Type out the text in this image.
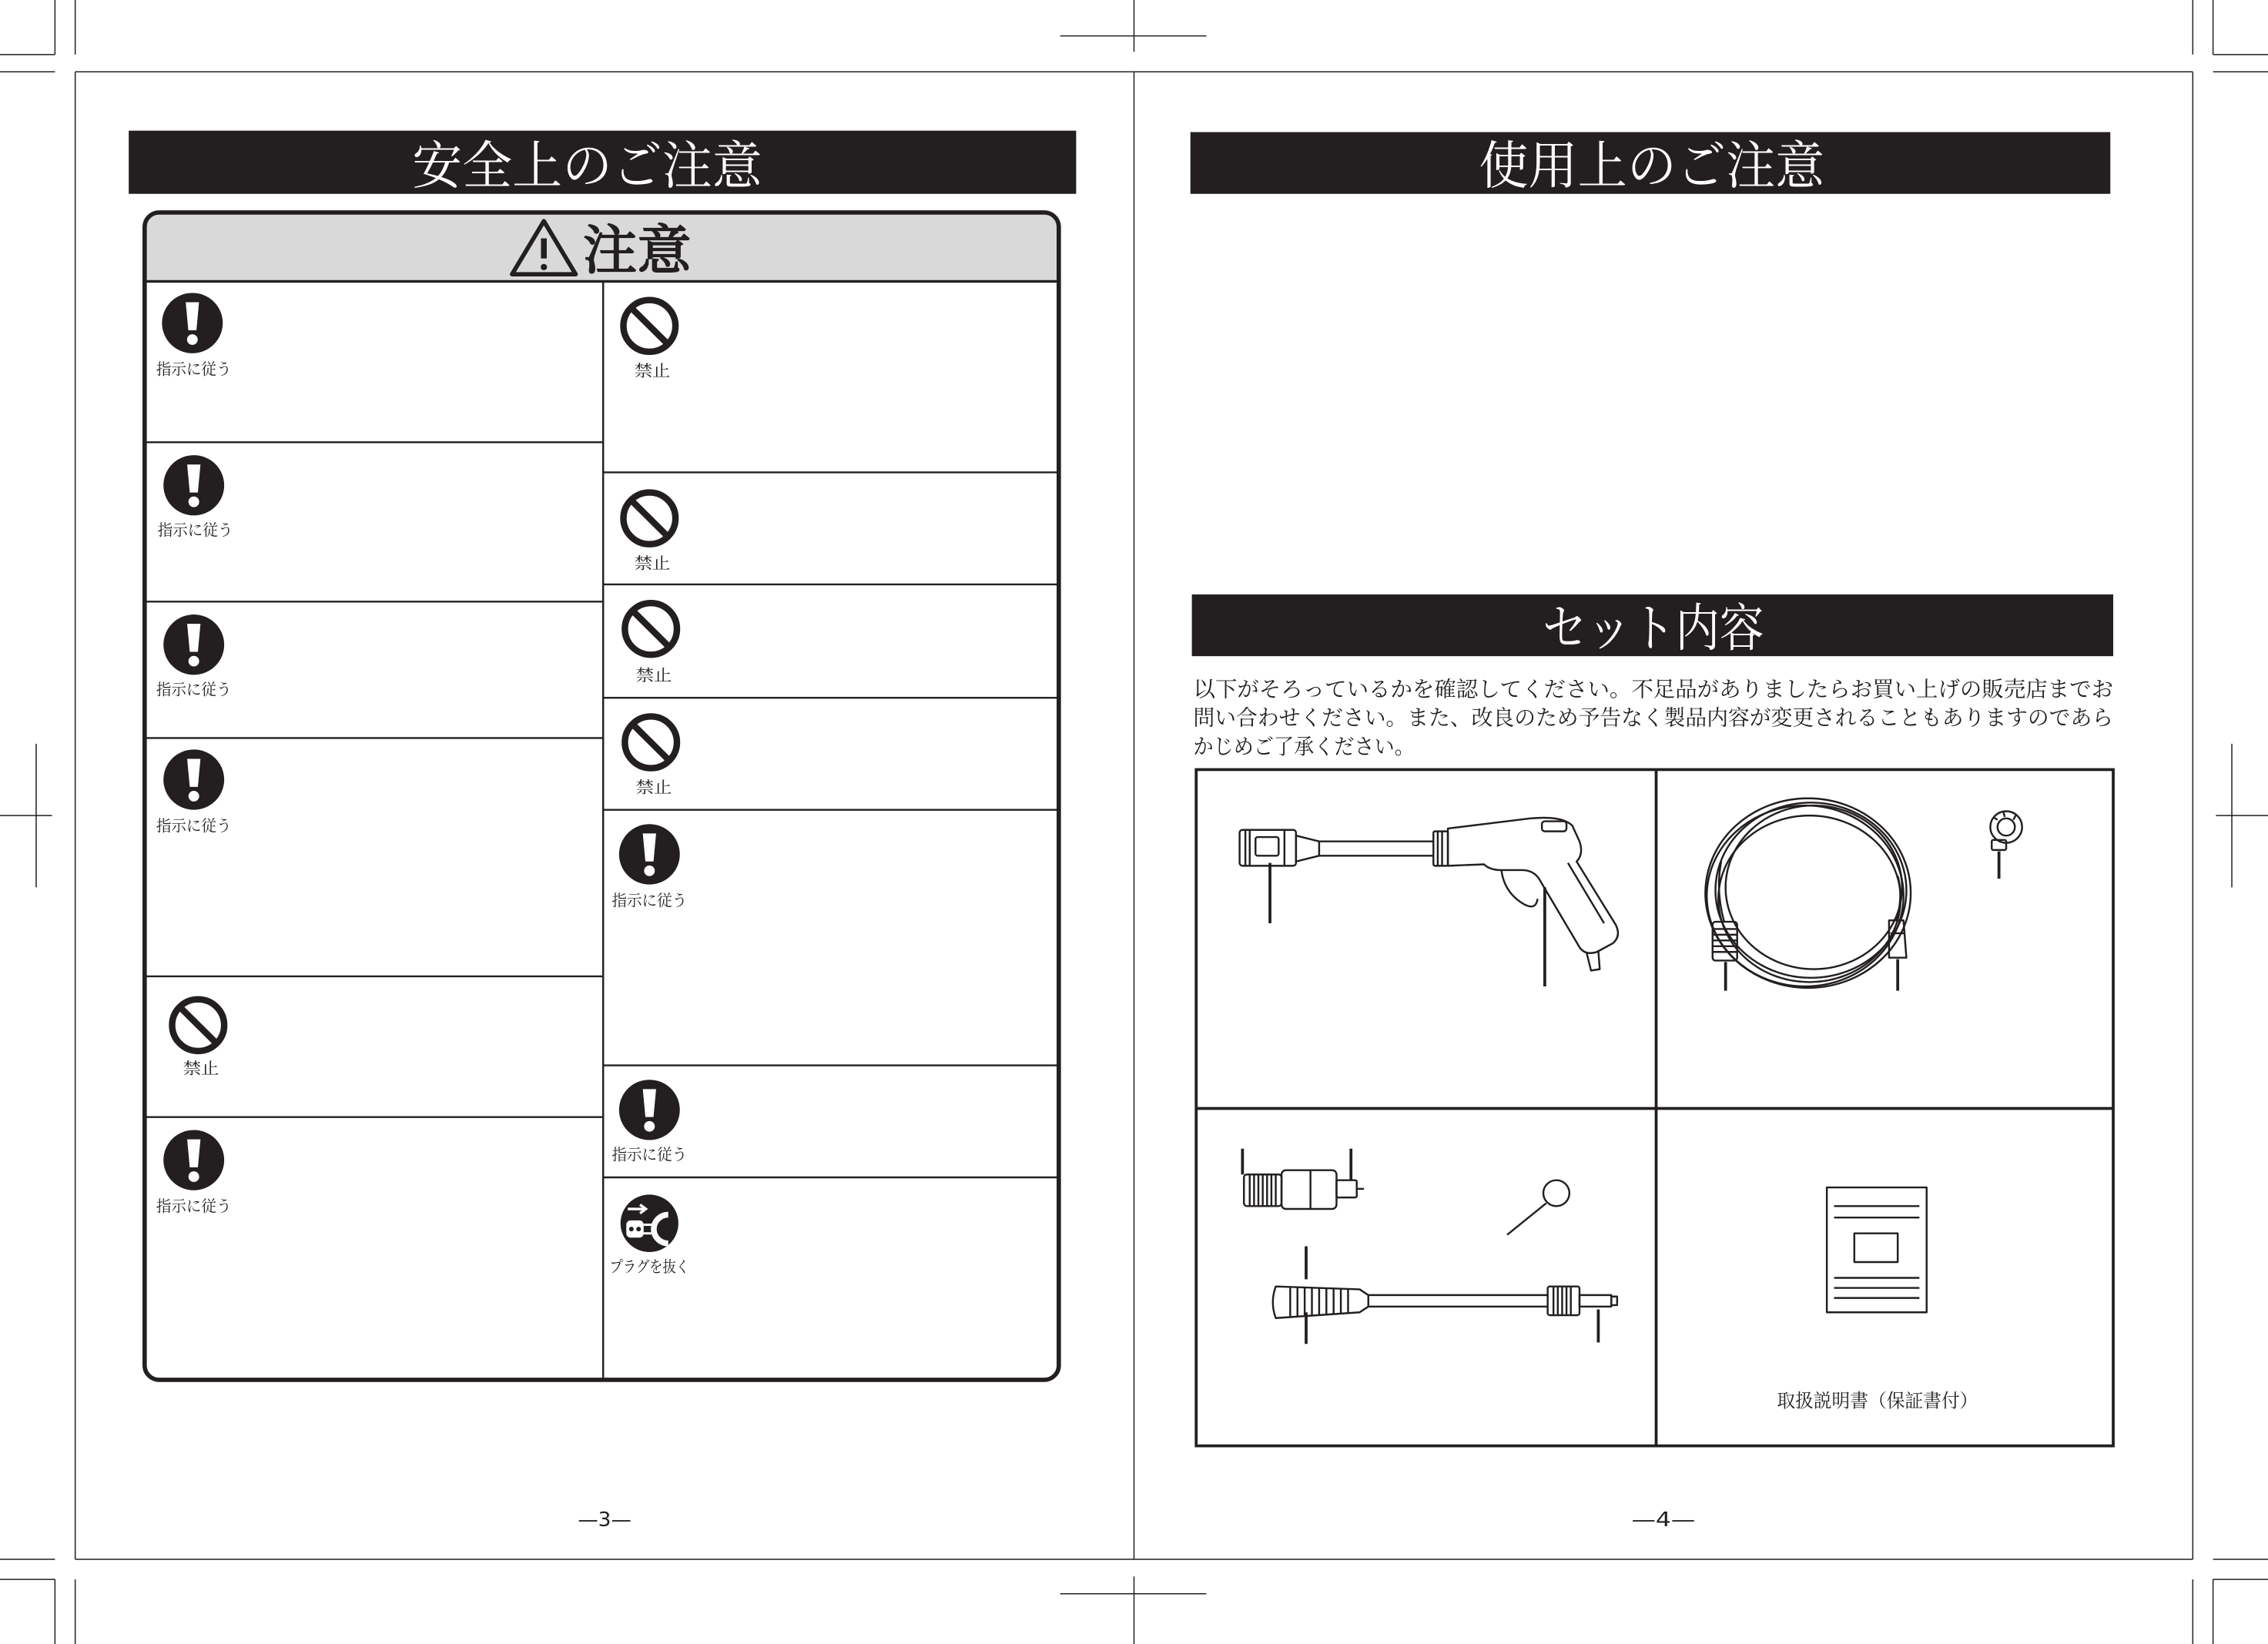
安全上のご注意
注意
指示に従う
指示に従う
指示に従う
指示に従う
禁止
指示に従う
禁止
禁止
禁止
禁止
指示に従う
指示に従う
プラグを抜く
—3—
使用上のご注意
セット内容
以下がそろっているかを確認してください。不足品がありましたらお買い上げの販売店までお
問い合わせください。また、改良のため予告なく製品内容が変更されることもありますのであら
かじめご了承ください。
取扱説明書（保証書付）
—4—
